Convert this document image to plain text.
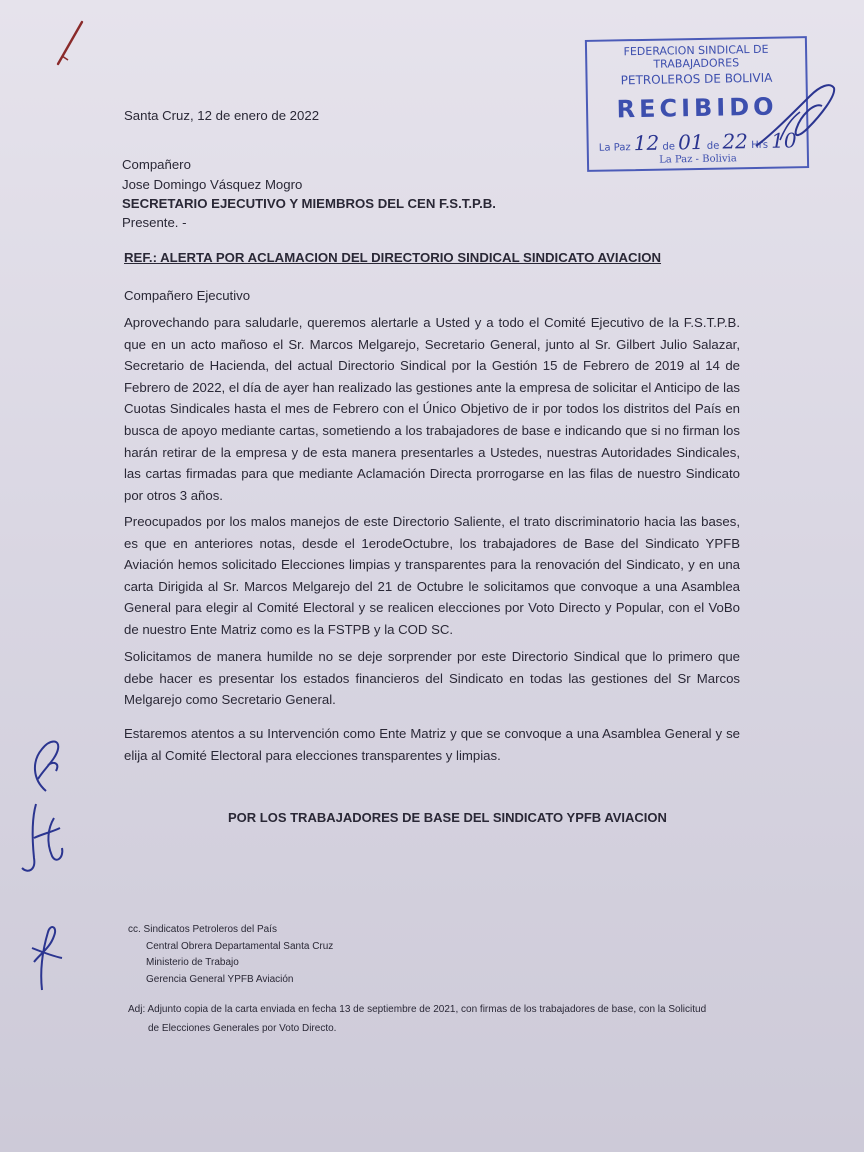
FEDERACION SINDICAL DE TRABAJADORES
PETROLEROS DE BOLIVIA
RECIBIDO
La Paz 12 de 01 de 22 Hrs 10
La Paz - Bolivia
Santa Cruz, 12 de enero de 2022
Compañero
Jose Domingo Vásquez Mogro
SECRETARIO EJECUTIVO Y MIEMBROS DEL CEN F.S.T.P.B.
Presente. -
REF.: ALERTA POR ACLAMACION DEL DIRECTORIO SINDICAL SINDICATO AVIACION
Compañero Ejecutivo
Aprovechando para saludarle, queremos alertarle a Usted y a todo el Comité Ejecutivo de la F.S.T.P.B. que en un acto mañoso el Sr. Marcos Melgarejo, Secretario General, junto al Sr. Gilbert Julio Salazar, Secretario de Hacienda, del actual Directorio Sindical por la Gestión 15 de Febrero de 2019 al 14 de Febrero de 2022, el día de ayer han realizado las gestiones ante la empresa de solicitar el Anticipo de las Cuotas Sindicales hasta el mes de Febrero con el Único Objetivo de ir por todos los distritos del País en busca de apoyo mediante cartas, sometiendo a los trabajadores de base e indicando que si no firman los harán retirar de la empresa y de esta manera presentarles a Ustedes, nuestras Autoridades Sindicales, las cartas firmadas para que mediante Aclamación Directa prorrogarse en las filas de nuestro Sindicato por otros 3 años.
Preocupados por los malos manejos de este Directorio Saliente, el trato discriminatorio hacia las bases, es que en anteriores notas, desde el 1erodeOctubre, los trabajadores de Base del Sindicato YPFB Aviación hemos solicitado Elecciones limpias y transparentes para la renovación del Sindicato, y en una carta Dirigida al Sr. Marcos Melgarejo del 21 de Octubre le solicitamos que convoque a una Asamblea General para elegir al Comité Electoral y se realicen elecciones por Voto Directo y Popular, con el VoBo de nuestro Ente Matriz como es la FSTPB y la COD SC.
Solicitamos de manera humilde no se deje sorprender por este Directorio Sindical que lo primero que debe hacer es presentar los estados financieros del Sindicato en todas las gestiones del Sr Marcos Melgarejo como Secretario General.
Estaremos atentos a su Intervención como Ente Matriz y que se convoque a una Asamblea General y se elija al Comité Electoral para elecciones transparentes y limpias.
POR LOS TRABAJADORES DE BASE DEL SINDICATO YPFB AVIACION
cc. Sindicatos Petroleros del País
Central Obrera Departamental Santa Cruz
Ministerio de Trabajo
Gerencia General YPFB Aviación
Adj: Adjunto copia de la carta enviada en fecha 13 de septiembre de 2021, con firmas de los trabajadores de base, con la Solicitud
de Elecciones Generales por Voto Directo.
